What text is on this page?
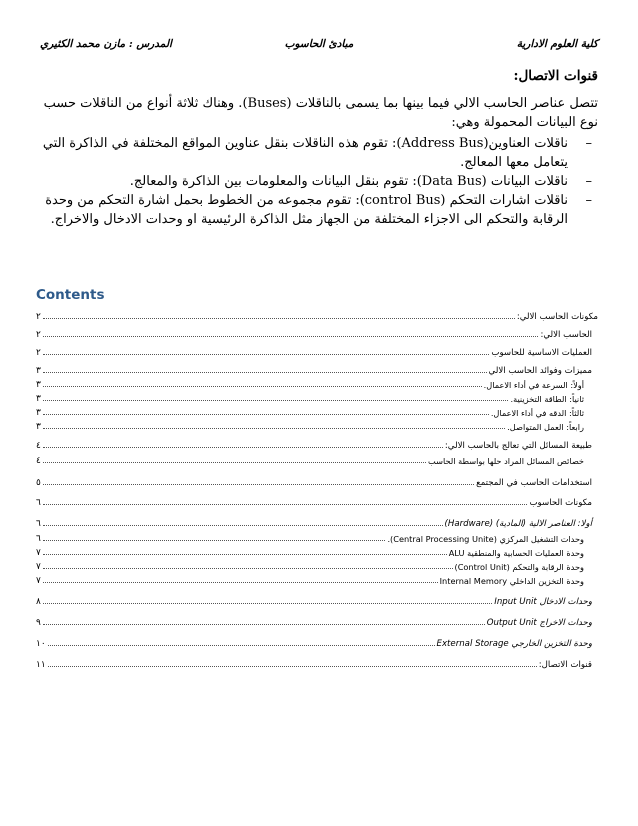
كلية العلوم الادارية
مبادئ الحاسوب
المدرس : مازن محمد الكثيري
قنوات الاتصال:

تتصل عناصر الحاسب الالي فيما بينها بما يسمى بالناقلات (Buses). وهناك ثلاثة أنواع من الناقلات حسب نوع البيانات المحمولة وهي:

–
ناقلات العناوين(Address Bus): تقوم هذه الناقلات بنقل عناوين المواقع المختلفة في الذاكرة التي يتعامل معها المعالج.
–
ناقلات البيانات (Data Bus): تقوم بنقل البيانات والمعلومات بين الذاكرة والمعالج.
–
ناقلات اشارات التحكم (control Bus): تقوم مجموعه من الخطوط بحمل اشارة التحكم من وحدة الرقابة والتحكم الى الاجزاء المختلفة من الجهاز مثل الذاكرة الرئيسية او وحدات الادخال والاخراج.
Contents
مكونات الحاسب الالي:
٢
الحاسب الالي:
٢
العمليات الاساسية للحاسوب
٢
مميزات وفوائد الحاسب الالي
٣
أولاً: السرعة في أداء الاعمال.
٣
ثانياً: الطاقة التخزينية.
٣
ثالثاً: الدقه في أداء الاعمال.
٣
رابعاً: العمل المتواصل.
٣
طبيعة المسائل التي تعالج بالحاسب الالي:
٤
خصائص المسائل المراد حلها بواسطة الحاسب
٤
استخدامات الحاسب في المجتمع
٥
مكونات الحاسوب
٦
أولا: العناصر الالية (المادية) (Hardware)
٦
وحدات التشغيل المركزي (Central Processing Unite).
٦
وحدة العمليات الحسابية والمنطقية ALU
٧
وحدة الرقابة والتحكم (Control Unit)
٧
وحدة التخزين الداخلي Internal Memory
٧
وحدات الادخال Input Unit
٨
وحدات الاخراج Output Unit
٩
وحدة التخزين الخارجي External Storage
١٠
قنوات الاتصال:
١١
